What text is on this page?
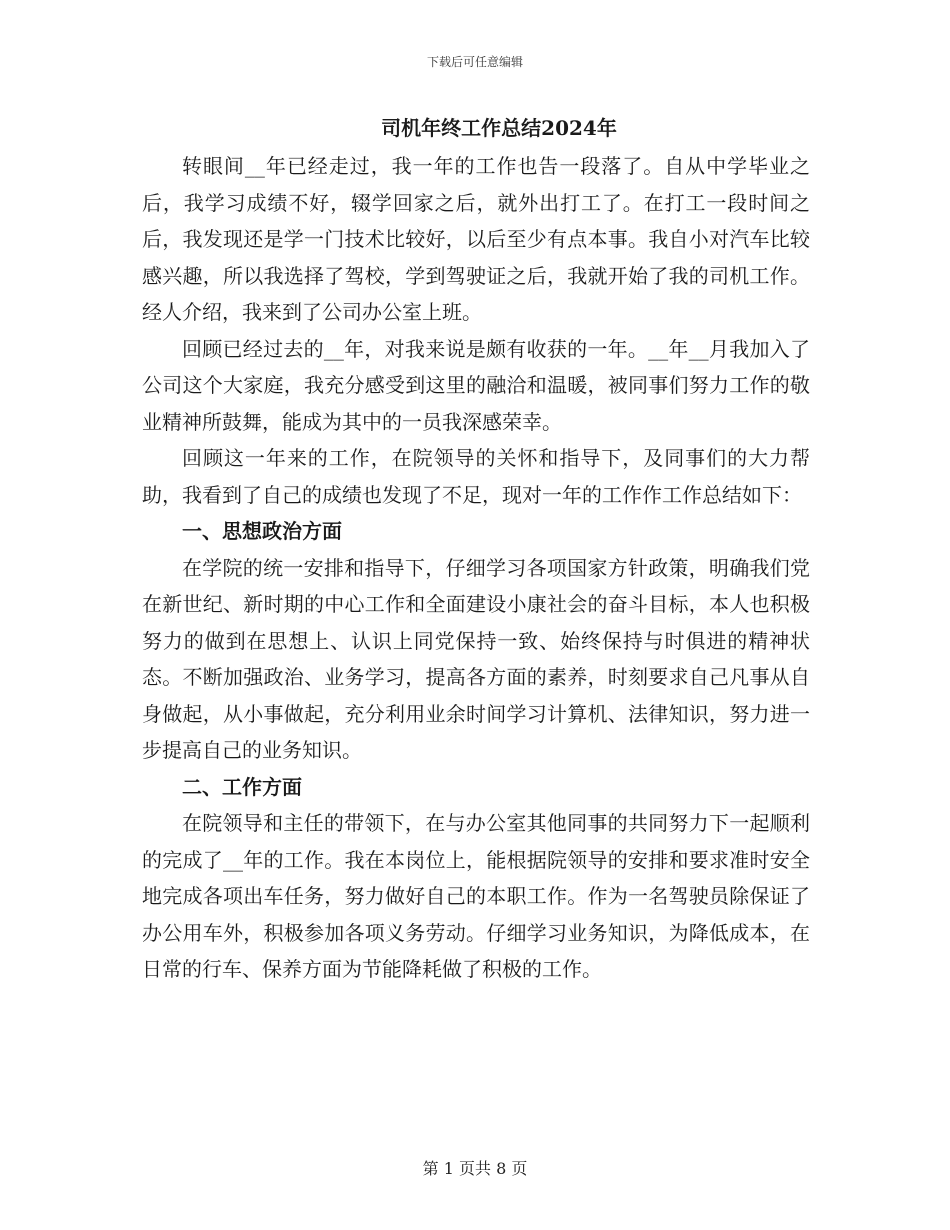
下载后可任意编辑
司机年终工作总结2024年

转眼间__年已经走过，我一年的工作也告一段落了。自从中学毕业之后，我学习成绩不好，辍学回家之后，就外出打工了。在打工一段时间之后，我发现还是学一门技术比较好，以后至少有点本事。我自小对汽车比较感兴趣，所以我选择了驾校，学到驾驶证之后，我就开始了我的司机工作。经人介绍，我来到了公司办公室上班。

回顾已经过去的__年，对我来说是颇有收获的一年。__年__月我加入了公司这个大家庭，我充分感受到这里的融洽和温暖，被同事们努力工作的敬业精神所鼓舞，能成为其中的一员我深感荣幸。

回顾这一年来的工作，在院领导的关怀和指导下，及同事们的大力帮助，我看到了自己的成绩也发现了不足，现对一年的工作作工作总结如下：

一、思想政治方面

在学院的统一安排和指导下，仔细学习各项国家方针政策，明确我们党在新世纪、新时期的中心工作和全面建设小康社会的奋斗目标，本人也积极努力的做到在思想上、认识上同党保持一致、始终保持与时俱进的精神状态。不断加强政治、业务学习，提高各方面的素养，时刻要求自己凡事从自身做起，从小事做起，充分利用业余时间学习计算机、法律知识，努力进一步提高自己的业务知识。

二、工作方面

在院领导和主任的带领下，在与办公室其他同事的共同努力下一起顺利的完成了__年的工作。我在本岗位上，能根据院领导的安排和要求准时安全地完成各项出车任务，努力做好自己的本职工作。作为一名驾驶员除保证了办公用车外，积极参加各项义务劳动。仔细学习业务知识，为降低成本，在日常的行车、保养方面为节能降耗做了积极的工作。

第 1 页共 8 页
